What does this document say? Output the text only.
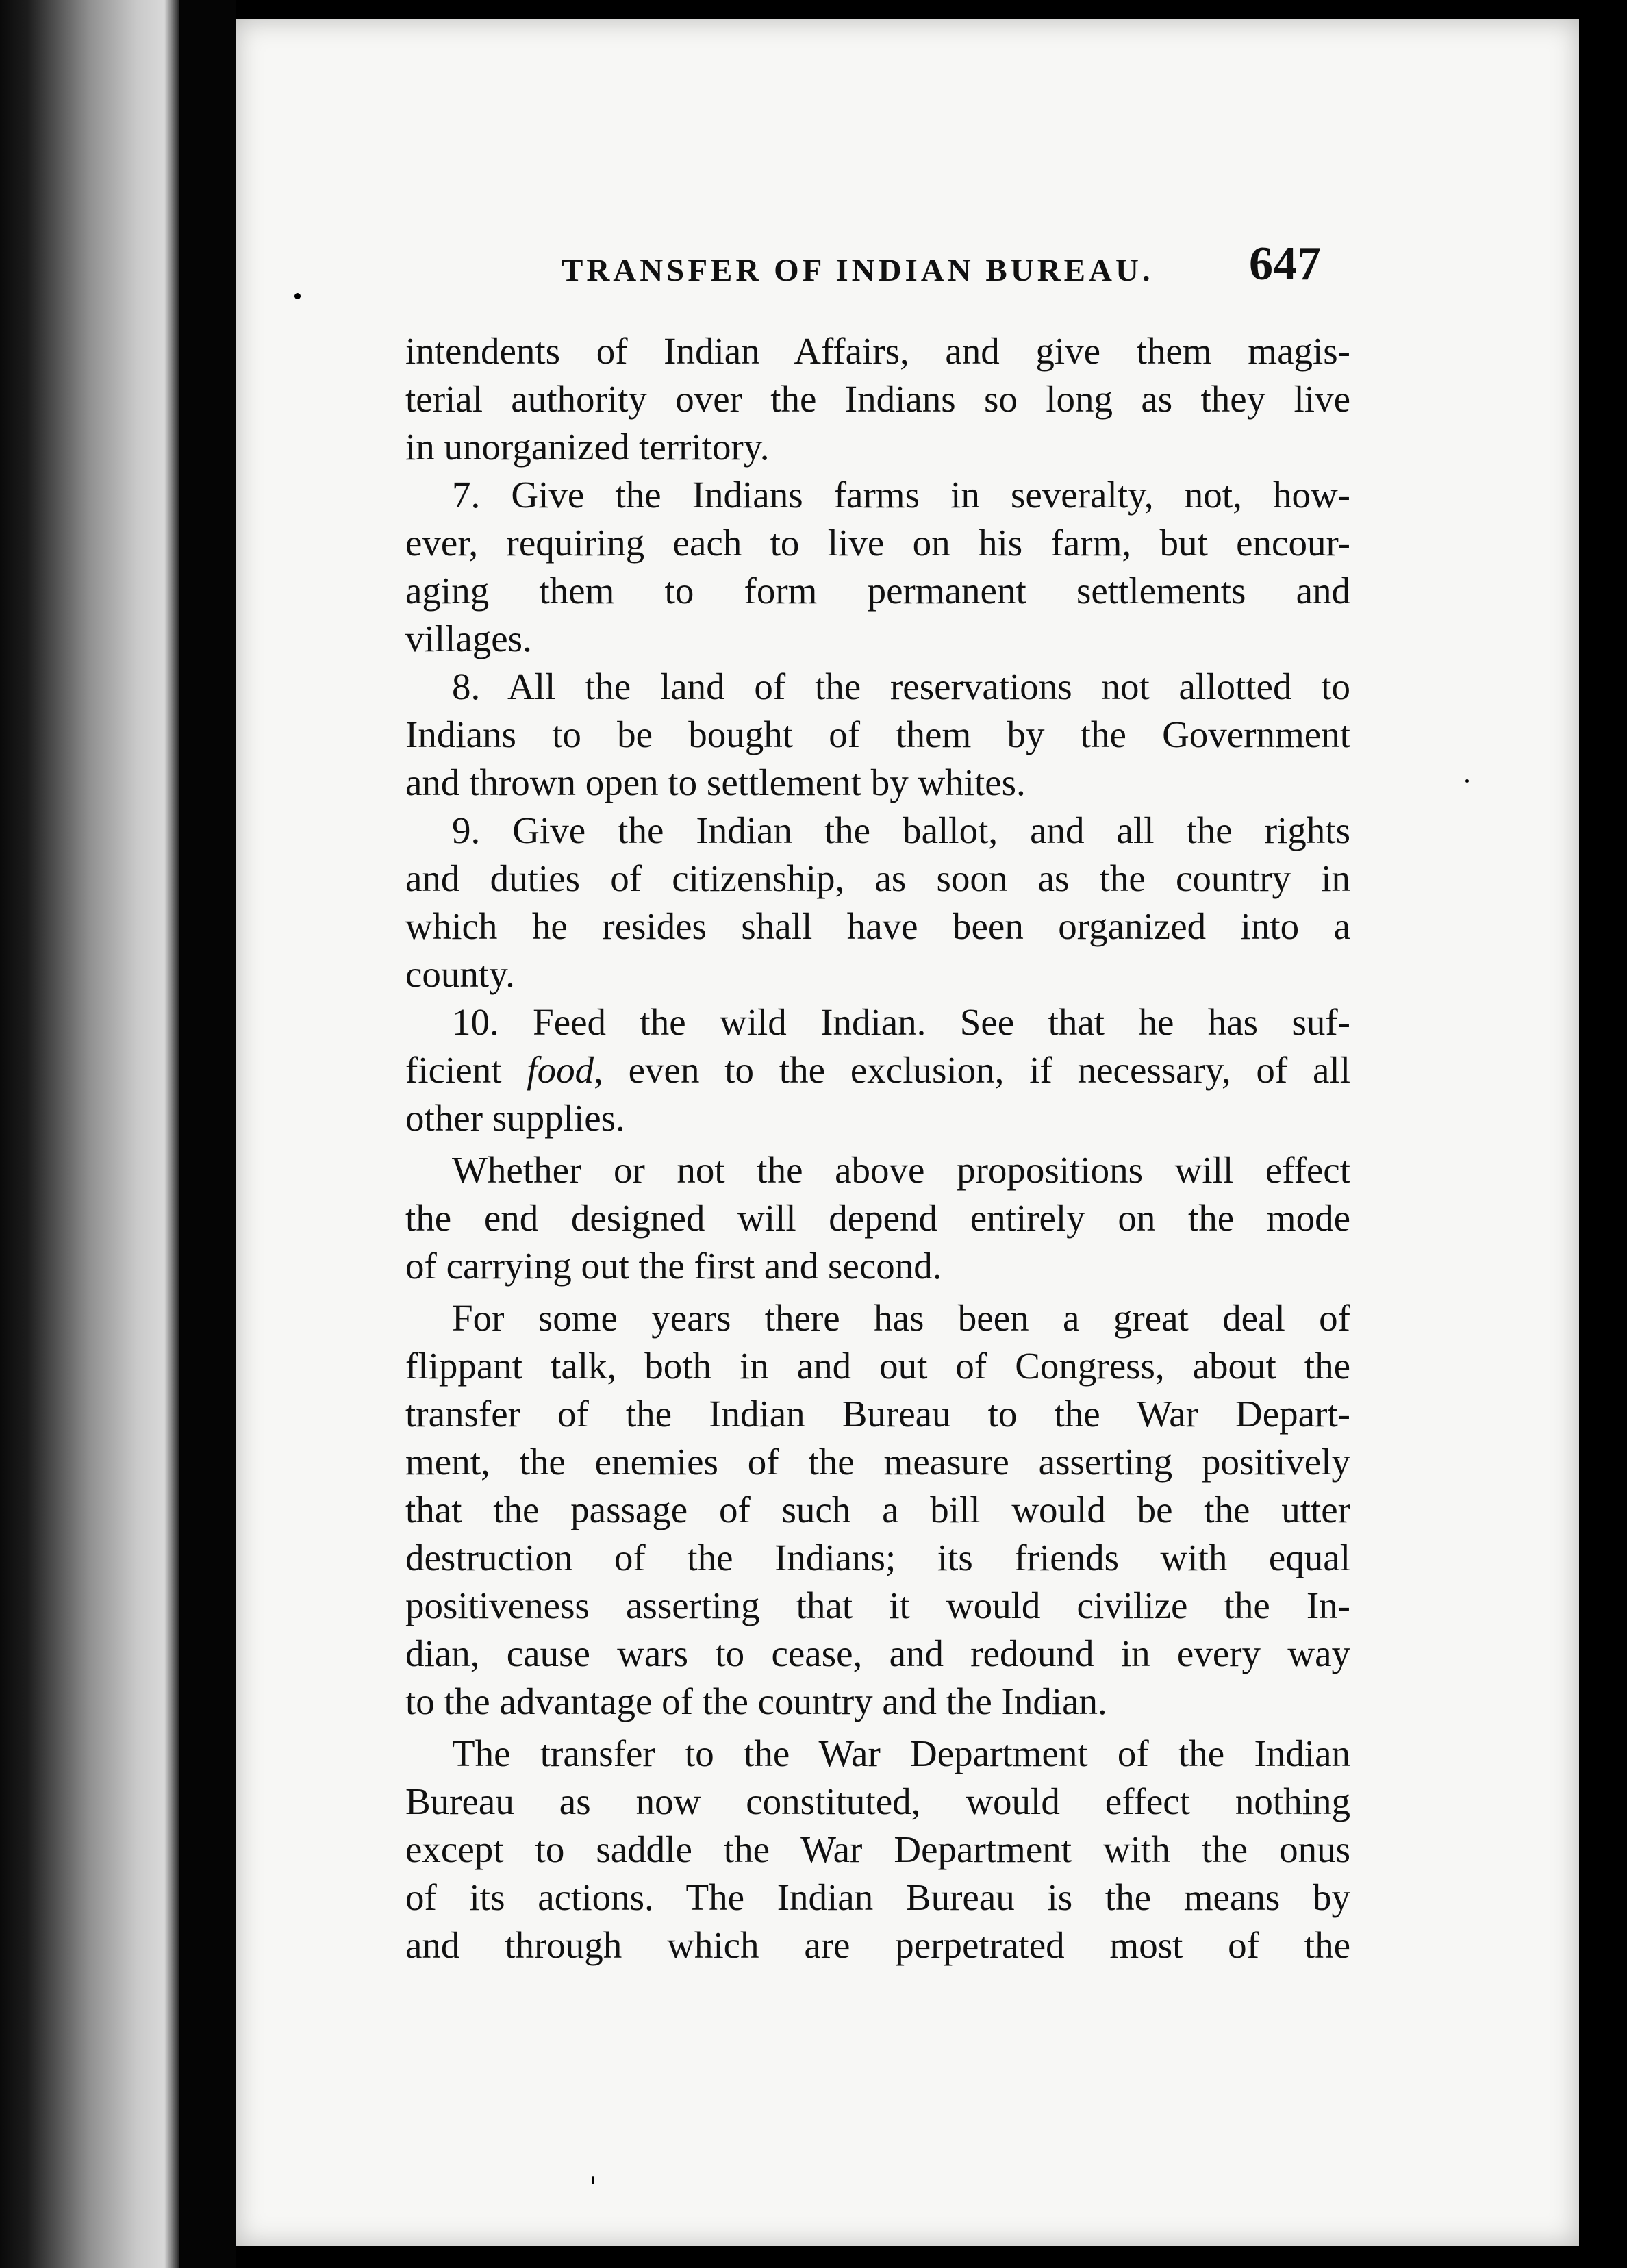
TRANSFER OF INDIAN BUREAU. 647
intendents of Indian Affairs, and give them magis-
terial authority over the Indians so long as they live
in unorganized territory.
7. Give the Indians farms in severalty, not, how-
ever, requiring each to live on his farm, but encour-
aging them to form permanent settlements and
villages.
8. All the land of the reservations not allotted to
Indians to be bought of them by the Government
and thrown open to settlement by whites.
9. Give the Indian the ballot, and all the rights
and duties of citizenship, as soon as the country in
which he resides shall have been organized into a
county.
10. Feed the wild Indian. See that he has suf-
ficient food, even to the exclusion, if necessary, of all
other supplies.
Whether or not the above propositions will effect
the end designed will depend entirely on the mode
of carrying out the first and second.
For some years there has been a great deal of
flippant talk, both in and out of Congress, about the
transfer of the Indian Bureau to the War Depart-
ment, the enemies of the measure asserting positively
that the passage of such a bill would be the utter
destruction of the Indians; its friends with equal
positiveness asserting that it would civilize the In-
dian, cause wars to cease, and redound in every way
to the advantage of the country and the Indian.
The transfer to the War Department of the Indian
Bureau as now constituted, would effect nothing
except to saddle the War Department with the onus
of its actions. The Indian Bureau is the means by
and through which are perpetrated most of the
